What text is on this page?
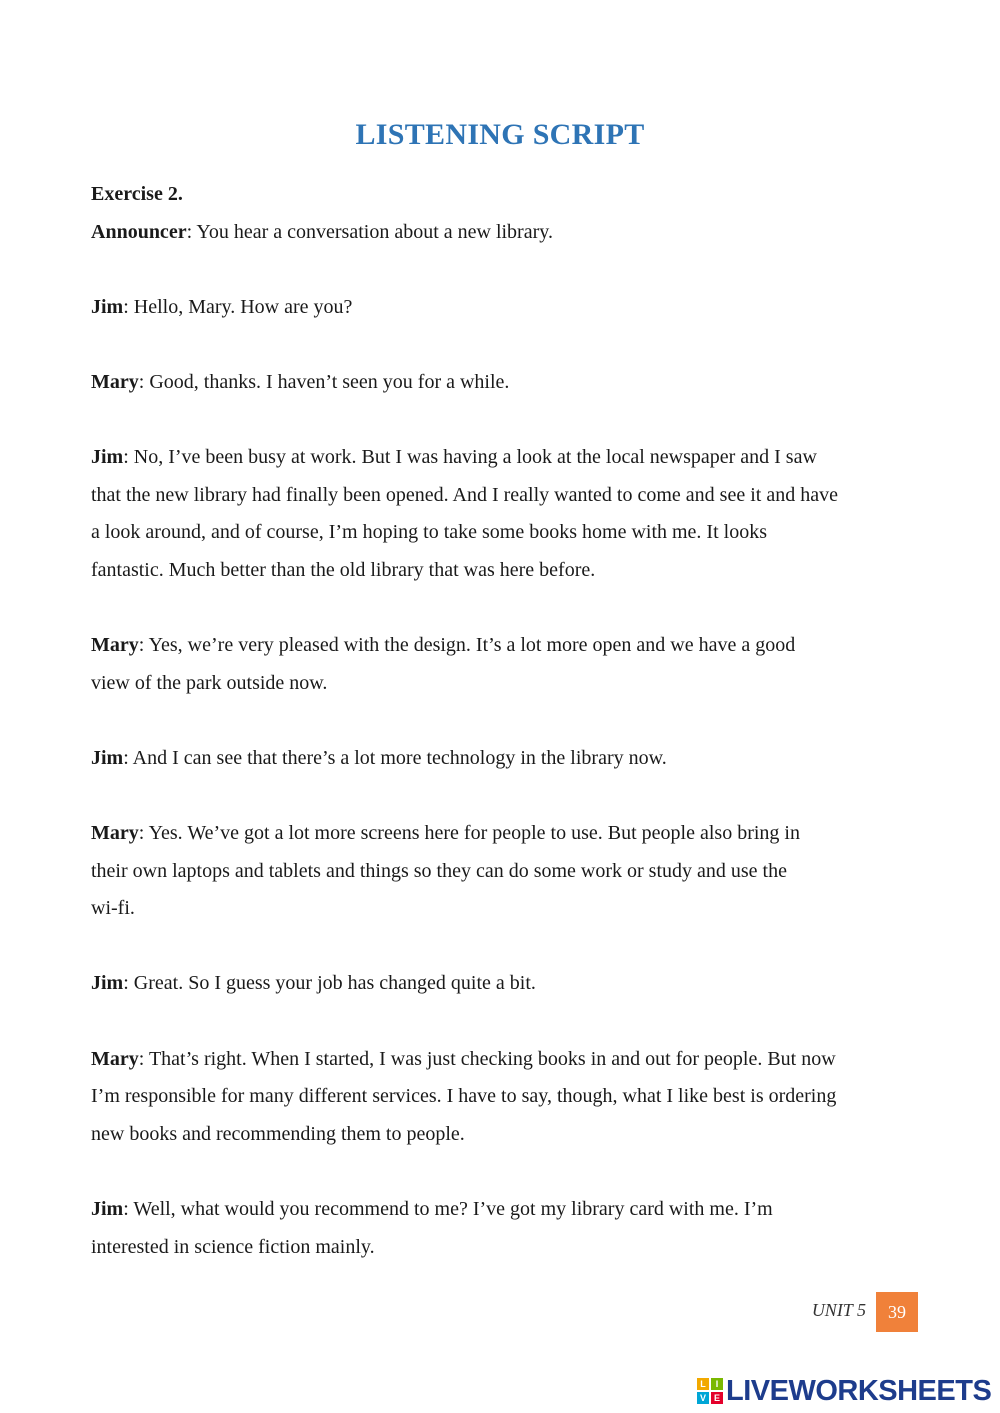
LISTENING SCRIPT
Exercise 2.
Announcer: You hear a conversation about a new library.
Jim: Hello, Mary. How are you?
Mary: Good, thanks. I haven’t seen you for a while.
Jim: No, I’ve been busy at work. But I was having a look at the local newspaper and I saw
that the new library had finally been opened. And I really wanted to come and see it and have
a look around, and of course, I’m hoping to take some books home with me. It looks
fantastic. Much better than the old library that was here before.
Mary: Yes, we’re very pleased with the design. It’s a lot more open and we have a good
view of the park outside now.
Jim: And I can see that there’s a lot more technology in the library now.
Mary: Yes. We’ve got a lot more screens here for people to use. But people also bring in
their own laptops and tablets and things so they can do some work or study and use the
wi-fi.
Jim: Great. So I guess your job has changed quite a bit.
Mary: That’s right. When I started, I was just checking books in and out for people. But now
I’m responsible for many different services. I have to say, though, what I like best is ordering
new books and recommending them to people.
Jim: Well, what would you recommend to me? I’ve got my library card with me. I’m
interested in science fiction mainly.
UNIT 5	39
L	I
V E LIVEWORKSHEETS
